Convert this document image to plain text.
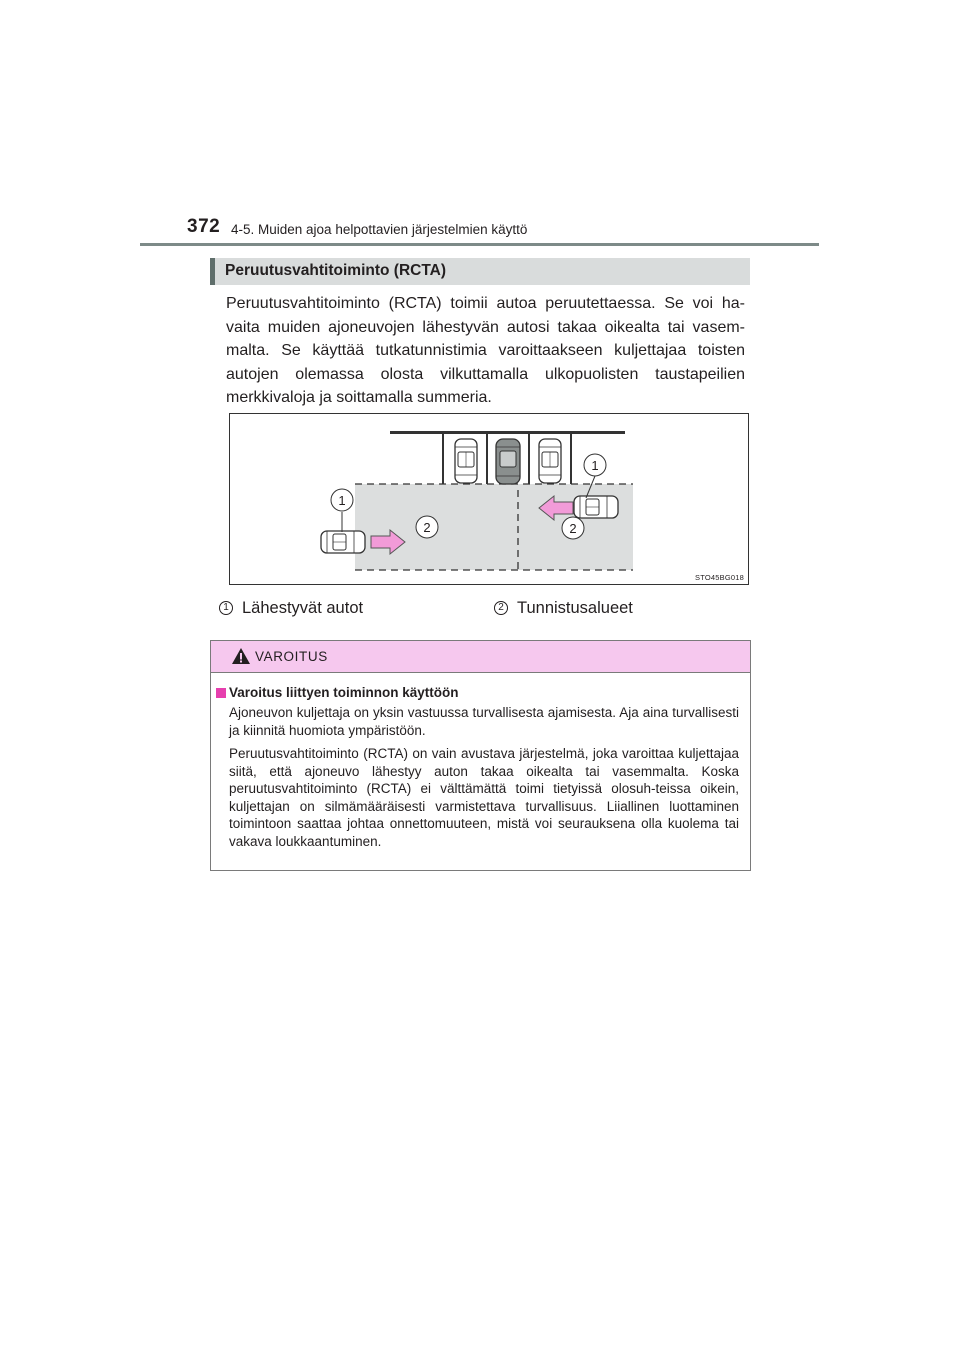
372 4-5. Muiden ajoa helpottavien järjestelmien käyttö
Peruutusvahtitoiminto (RCTA)
Peruutusvahtitoiminto (RCTA) toimii autoa peruutettaessa. Se voi ha-vaita muiden ajoneuvojen lähestyvän autosi takaa oikealta tai vasem-malta. Se käyttää tutkatunnistimia varoittaakseen kuljettajaa toisten autojen olemassa olosta vilkuttamalla ulkopuolisten taustapeilien merkkivaloja ja soittamalla summeria.
1
1
2	2
STO45BG018
1 Lähestyvät autot	2 Tunnistusalueet
VAROITUS
Varoitus liittyen toiminnon käyttöön
Ajoneuvon kuljettaja on yksin vastuussa turvallisesta ajamisesta. Aja aina turvallisesti ja kiinnitä huomiota ympäristöön.
Peruutusvahtitoiminto (RCTA) on vain avustava järjestelmä, joka varoittaa kuljettajaa siitä, että ajoneuvo lähestyy auton takaa oikealta tai vasemmalta. Koska peruutusvahtitoiminto (RCTA) ei välttämättä toimi tietyissä olosuh-teissa oikein, kuljettajan on silmämääräisesti varmistettava turvallisuus. Liiallinen luottaminen toimintoon saattaa johtaa onnettomuuteen, mistä voi seurauksena olla kuolema tai vakava loukkaantuminen.
